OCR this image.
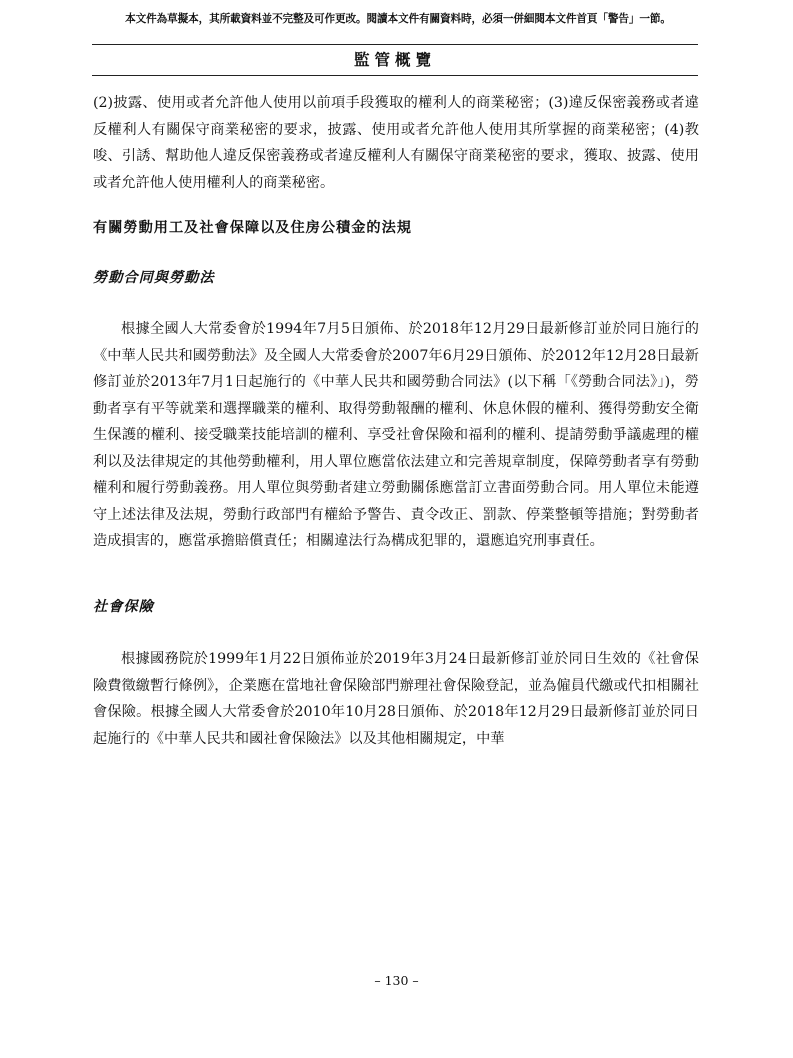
本文件為草擬本，其所載資料並不完整及可作更改。閱讀本文件有關資料時，必須一併細閱本文件首頁「警告」一節。
監管概覽

(2)披露、使用或者允許他人使用以前項手段獲取的權利人的商業秘密；(3)違反保密義務或者違反權利人有關保守商業秘密的要求，披露、使用或者允許他人使用其所掌握的商業秘密；(4)教唆、引誘、幫助他人違反保密義務或者違反權利人有關保守商業秘密的要求，獲取、披露、使用或者允許他人使用權利人的商業秘密。

有關勞動用工及社會保障以及住房公積金的法規
勞動合同與勞動法

根據全國人大常委會於1994年7月5日頒佈、於2018年12月29日最新修訂並於同日施行的《中華人民共和國勞動法》及全國人大常委會於2007年6月29日頒佈、於2012年12月28日最新修訂並於2013年7月1日起施行的《中華人民共和國勞動合同法》(以下稱「《勞動合同法》」)，勞動者享有平等就業和選擇職業的權利、取得勞動報酬的權利、休息休假的權利、獲得勞動安全衛生保護的權利、接受職業技能培訓的權利、享受社會保險和福利的權利、提請勞動爭議處理的權利以及法律規定的其他勞動權利，用人單位應當依法建立和完善規章制度，保障勞動者享有勞動權利和履行勞動義務。用人單位與勞動者建立勞動關係應當訂立書面勞動合同。用人單位未能遵守上述法律及法規，勞動行政部門有權給予警告、責令改正、罰款、停業整頓等措施；對勞動者造成損害的，應當承擔賠償責任；相關違法行為構成犯罪的，還應追究刑事責任。

社會保險

根據國務院於1999年1月22日頒佈並於2019年3月24日最新修訂並於同日生效的《社會保險費徵繳暫行條例》，企業應在當地社會保險部門辦理社會保險登記，並為僱員代繳或代扣相關社會保險。根據全國人大常委會於2010年10月28日頒佈、於2018年12月29日最新修訂並於同日起施行的《中華人民共和國社會保險法》以及其他相關規定，中華

– 130 –
